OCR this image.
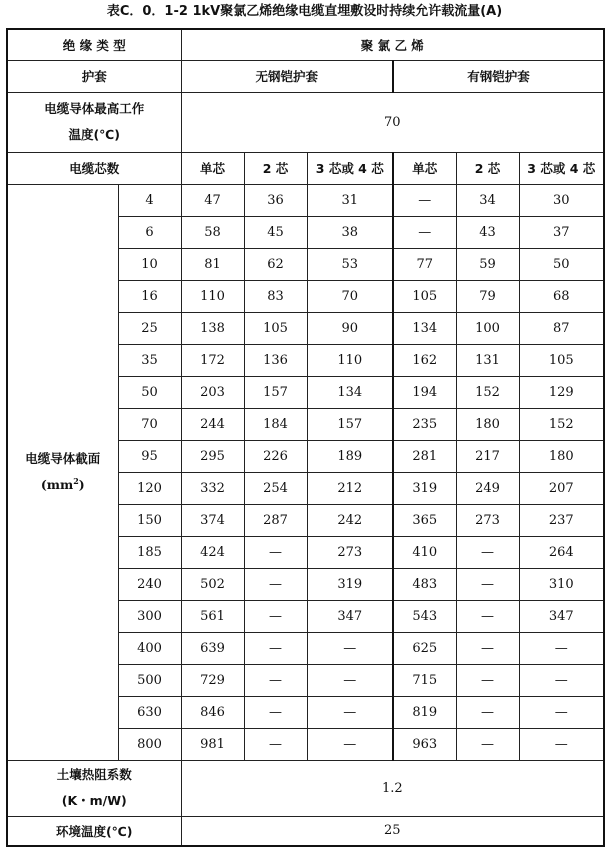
表C．0．1-2 1kV聚氯乙烯绝缘电缆直埋敷设时持续允许载流量(A)
绝 缘 类 型		聚 氯 乙 烯					
护套		无钢铠护套			有钢铠护套		

电缆导体最高工作
温度(℃)		70					
电缆芯数		单芯	2 芯	3 芯或 4 芯	单芯	2 芯	3 芯或 4 芯

电缆导体截面
$(mm^2)$	4	47	36	31	—	34	30
	6	58	45	38	—	43	37
	10	81	62	53	77	59	50
	16	110	83	70	105	79	68
	25	138	105	90	134	100	87
	35	172	136	110	162	131	105
	50	203	157	134	194	152	129
	70	244	184	157	235	180	152
	95	295	226	189	281	217	180
	120	332	254	212	319	249	207
	150	374	287	242	365	273	237
	185	424	—	273	410	—	264
	240	502	—	319	483	—	310
	300	561	—	347	543	—	347
	400	639	—	—	625	—	—
	500	729	—	—	715	—	—
	630	846	—	—	819	—	—
	800	981	—	—	963	—	—

土壤热阻系数
(K・m/W)		1.2					
环境温度(℃)		25					
